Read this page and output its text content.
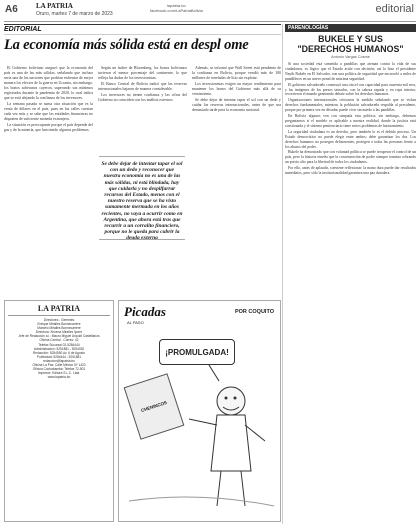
A6	LA PATRIA
Oruro, martes 7 de marzo de 2023
lapatria.bo
facebook.com/LaPatriaBolivia	editorial
EDITORIAL
La economía más sólida está en despl ome

El Gobierno boliviano aseguró que la economía del país es una de las más sólidas, señalando que incluso sería una de las naciones que podrían enfrentar de mejor manera los efectos de la guerra en Ucrania, sin embargo, los bonos soberanos cayeron, superando sus mínimos registrados durante la pandemia de 2020, lo cual indica que se está alejando la confianza de los inversores.

La semana pasada se suma otra situación que es la venta de dólares en el país, pues en las calles cuestan cada vez más y se sabe que las entidades financieras no disponen de suficiente moneda extranjera.

La situación es preocupante porque el país depende del gas y de la minería, que han tenido algunos problemas.

Según un índice de Bloomberg, los bonos bolivianos tuvieron el menor porcentaje del continente, lo que refleja las dudas de los inversionistas.

El Banco Central de Bolivia indicó que las reservas internacionales bajaron de manera considerable.

Los inversores no tienen confianza y las cifras del Gobierno no coinciden con los análisis externos.

Además, se informó que Wall Street está pendiente de la confianza en Bolivia, porque vendió más de 100 millones de toneladas de litio sin explotar.

Los inversionistas exigen un mayor rendimiento para mantener los bonos del Gobierno más allá de su vencimiento.

Se debe dejar de intentar tapar el sol con un dedo y cuidar las reservas internacionales, antes de que sea demasiado tarde para la economía nacional.

Se debe dejar de intentar tapar el sol con un dedo y reconocer que nuestra economía no es una de las más sólidas, ni está blindada, hay que cuidarla y no despilfarrar recursos del Estado, menos con el nuestro reserva que se ha visto sumamente mermada en los años recientes, no vaya a ocurrir como en Argentina, que ahora está tras que recurrir a un corralito financiero, porque no le queda para cubrir la deuda externa
LA PATRIA
Directores - Gerentes
Enrique Miralles Bonnecarrère
Marcelo Miralles Bonnecarrère
Directora: Ximena Miralles Iporre
Jefe de Redacción a.i.: Mauro Miguel Urquidi Castellanos
Oficina Central - Correo: 42
Telefax Sucursal 02-5284444
Administración: 5251881 - 5254030
Redacción: 5254550 Av. 6 de Agosto
Publicidad: 5284444 - 5251881
redaccion@lapatria.bo
Oficina La Paz: Calle México Nº 1423
Oficina Cochabamba: Telefax 72-501
Impresor: Editora S.L.C. Ltda.
www.lapatria.bo
Picadas
AL PASO
POR COQUITO
¡PROMULGADA!
CHENINCOS
PARENOLOGÍAS
BUKELE Y SUS
"DERECHOS HUMANOS"
Antonio Vargas Cosme

Si una sociedad está sometida a pandillas que atentan contra la vida de sus ciudadanos, es lógico que el Estado actúe con decisión; así lo hizo el presidente Nayib Bukele en El Salvador, con una política de seguridad que encarceló a miles de pandilleros en un nuevo penal de máxima seguridad.

El gobierno salvadoreño construyó una cárcel con capacidad para cuarenta mil reos, y las imágenes de los presos tatuados, con la cabeza rapada y en ropa interior, recorrieron el mundo generando debate sobre los derechos humanos.

Organizaciones internacionales criticaron la medida señalando que se violan derechos fundamentales, mientras la población salvadoreña respalda al presidente, porque por primera vez en décadas puede vivir sin miedo a las pandillas.

En Bolivia algunos ven con simpatía esta política; sin embargo, debemos preguntarnos si el modelo es aplicable a nuestra realidad, donde la justicia está cuestionada y el sistema penitenciario tiene serios problemas de hacinamiento.

La seguridad ciudadana es un derecho, pero también lo es el debido proceso. Un Estado democrático no puede elegir entre ambos; debe garantizar los dos. Los derechos humanos no protegen delincuentes, protegen a todas las personas frente a los abusos del poder.

Bukele ha demostrado que con voluntad política se puede recuperar el control de un país, pero la historia enseña que la concentración de poder siempre termina cobrando un precio alto para la libertad de todos los ciudadanos.

Por ello, antes de aplaudir, conviene reflexionar: la mano dura puede dar resultados inmediatos, pero sólo la institucionalidad garantiza una paz duradera.
